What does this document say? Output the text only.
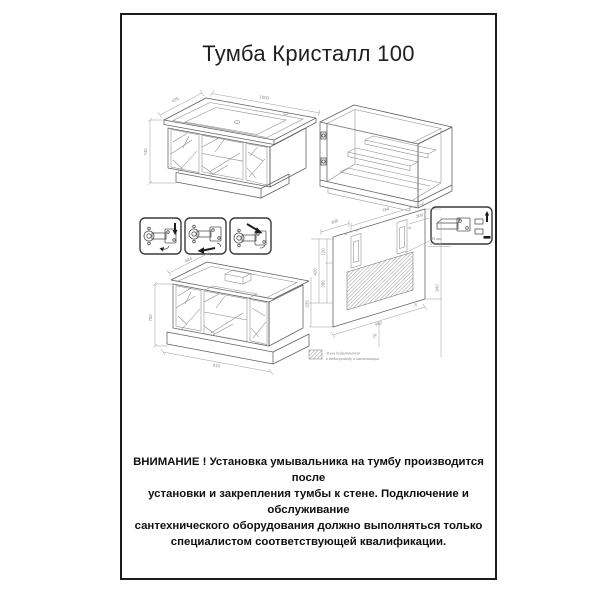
Тумба Кристалл 100
435	1000
740
444
700
916
305
784
42
40
300
42
120
280
420
335
962
70
16
942
Ø5 мм
6 отв.
Зона подключения
к водопроводу и канализации
ВНИМАНИЕ ! Установка умывальника на тумбу производится после
установки и закрепления тумбы к стене. Подключение и обслуживание
сантехнического оборудования должно выполняться только
специалистом соответствующей квалификации.
